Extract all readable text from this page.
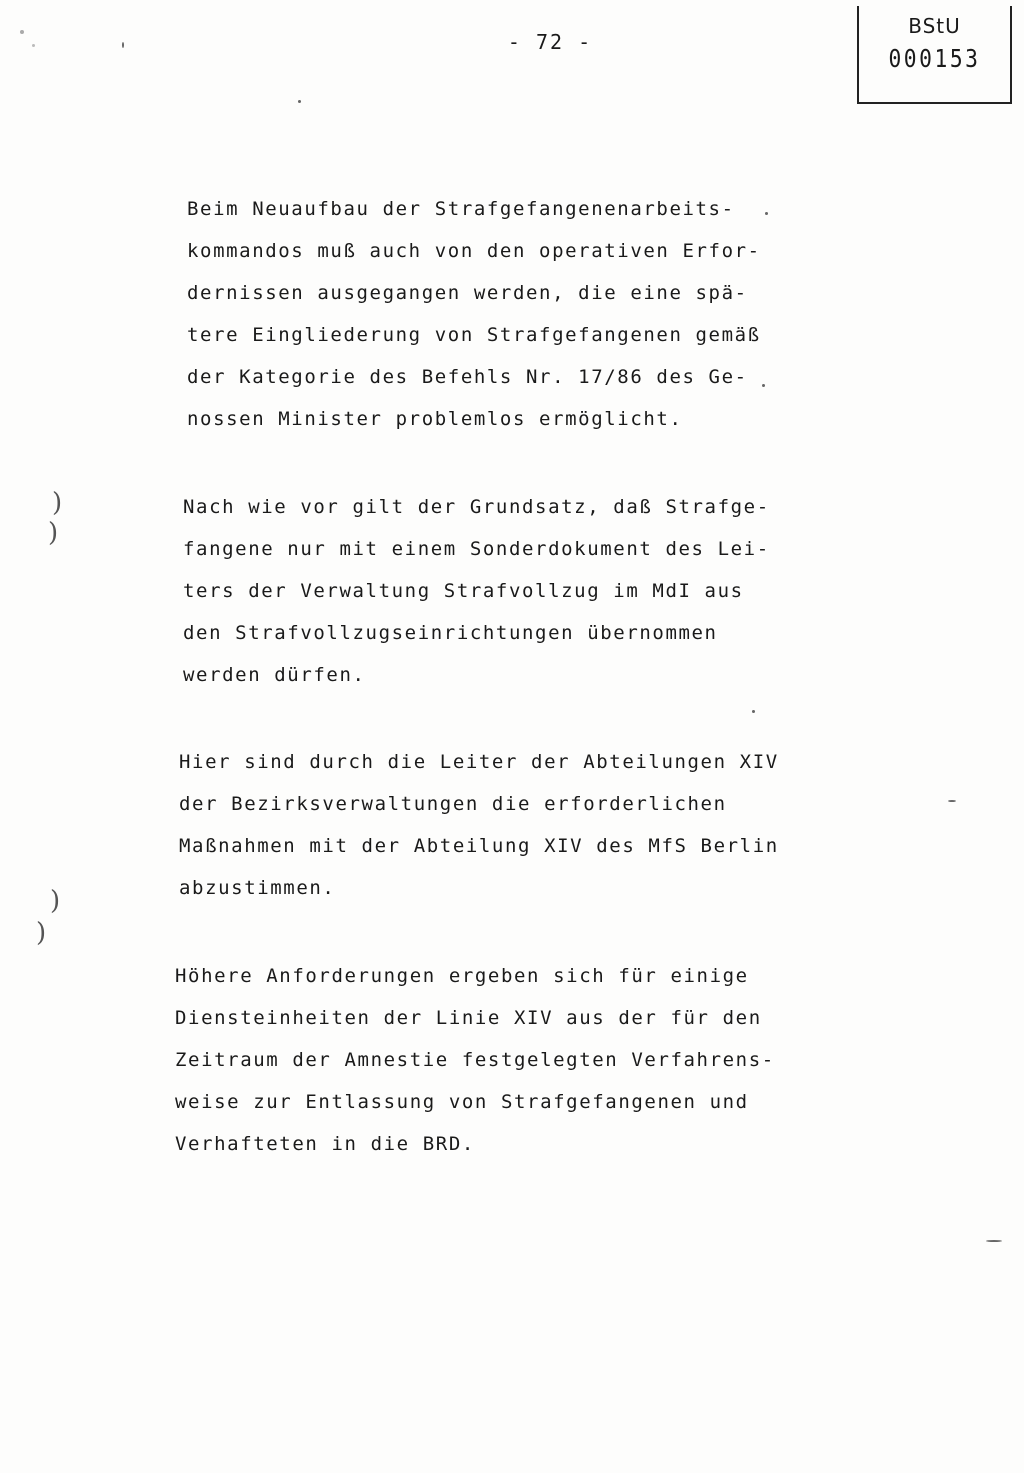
- 72 -
BStU
000153
Beim Neuaufbau der Strafgefangenenarbeits-
kommandos muß auch von den operativen Erfor-
dernissen ausgegangen werden, die eine spä-
tere Eingliederung von Strafgefangenen gemäß
der Kategorie des Befehls Nr. 17/86 des Ge-
nossen Minister problemlos ermöglicht.
Nach wie vor gilt der Grundsatz, daß Strafge-
fangene nur mit einem Sonderdokument des Lei-
ters der Verwaltung Strafvollzug im MdI aus
den Strafvollzugseinrichtungen übernommen
werden dürfen.
Hier sind durch die Leiter der Abteilungen XIV
der Bezirksverwaltungen die erforderlichen
Maßnahmen mit der Abteilung XIV des MfS Berlin
abzustimmen.
Höhere Anforderungen ergeben sich für einige
Diensteinheiten der Linie XIV aus der für den
Zeitraum der Amnestie festgelegten Verfahrens-
weise zur Entlassung von Strafgefangenen und
Verhafteten in die BRD.
)
)
)
)
